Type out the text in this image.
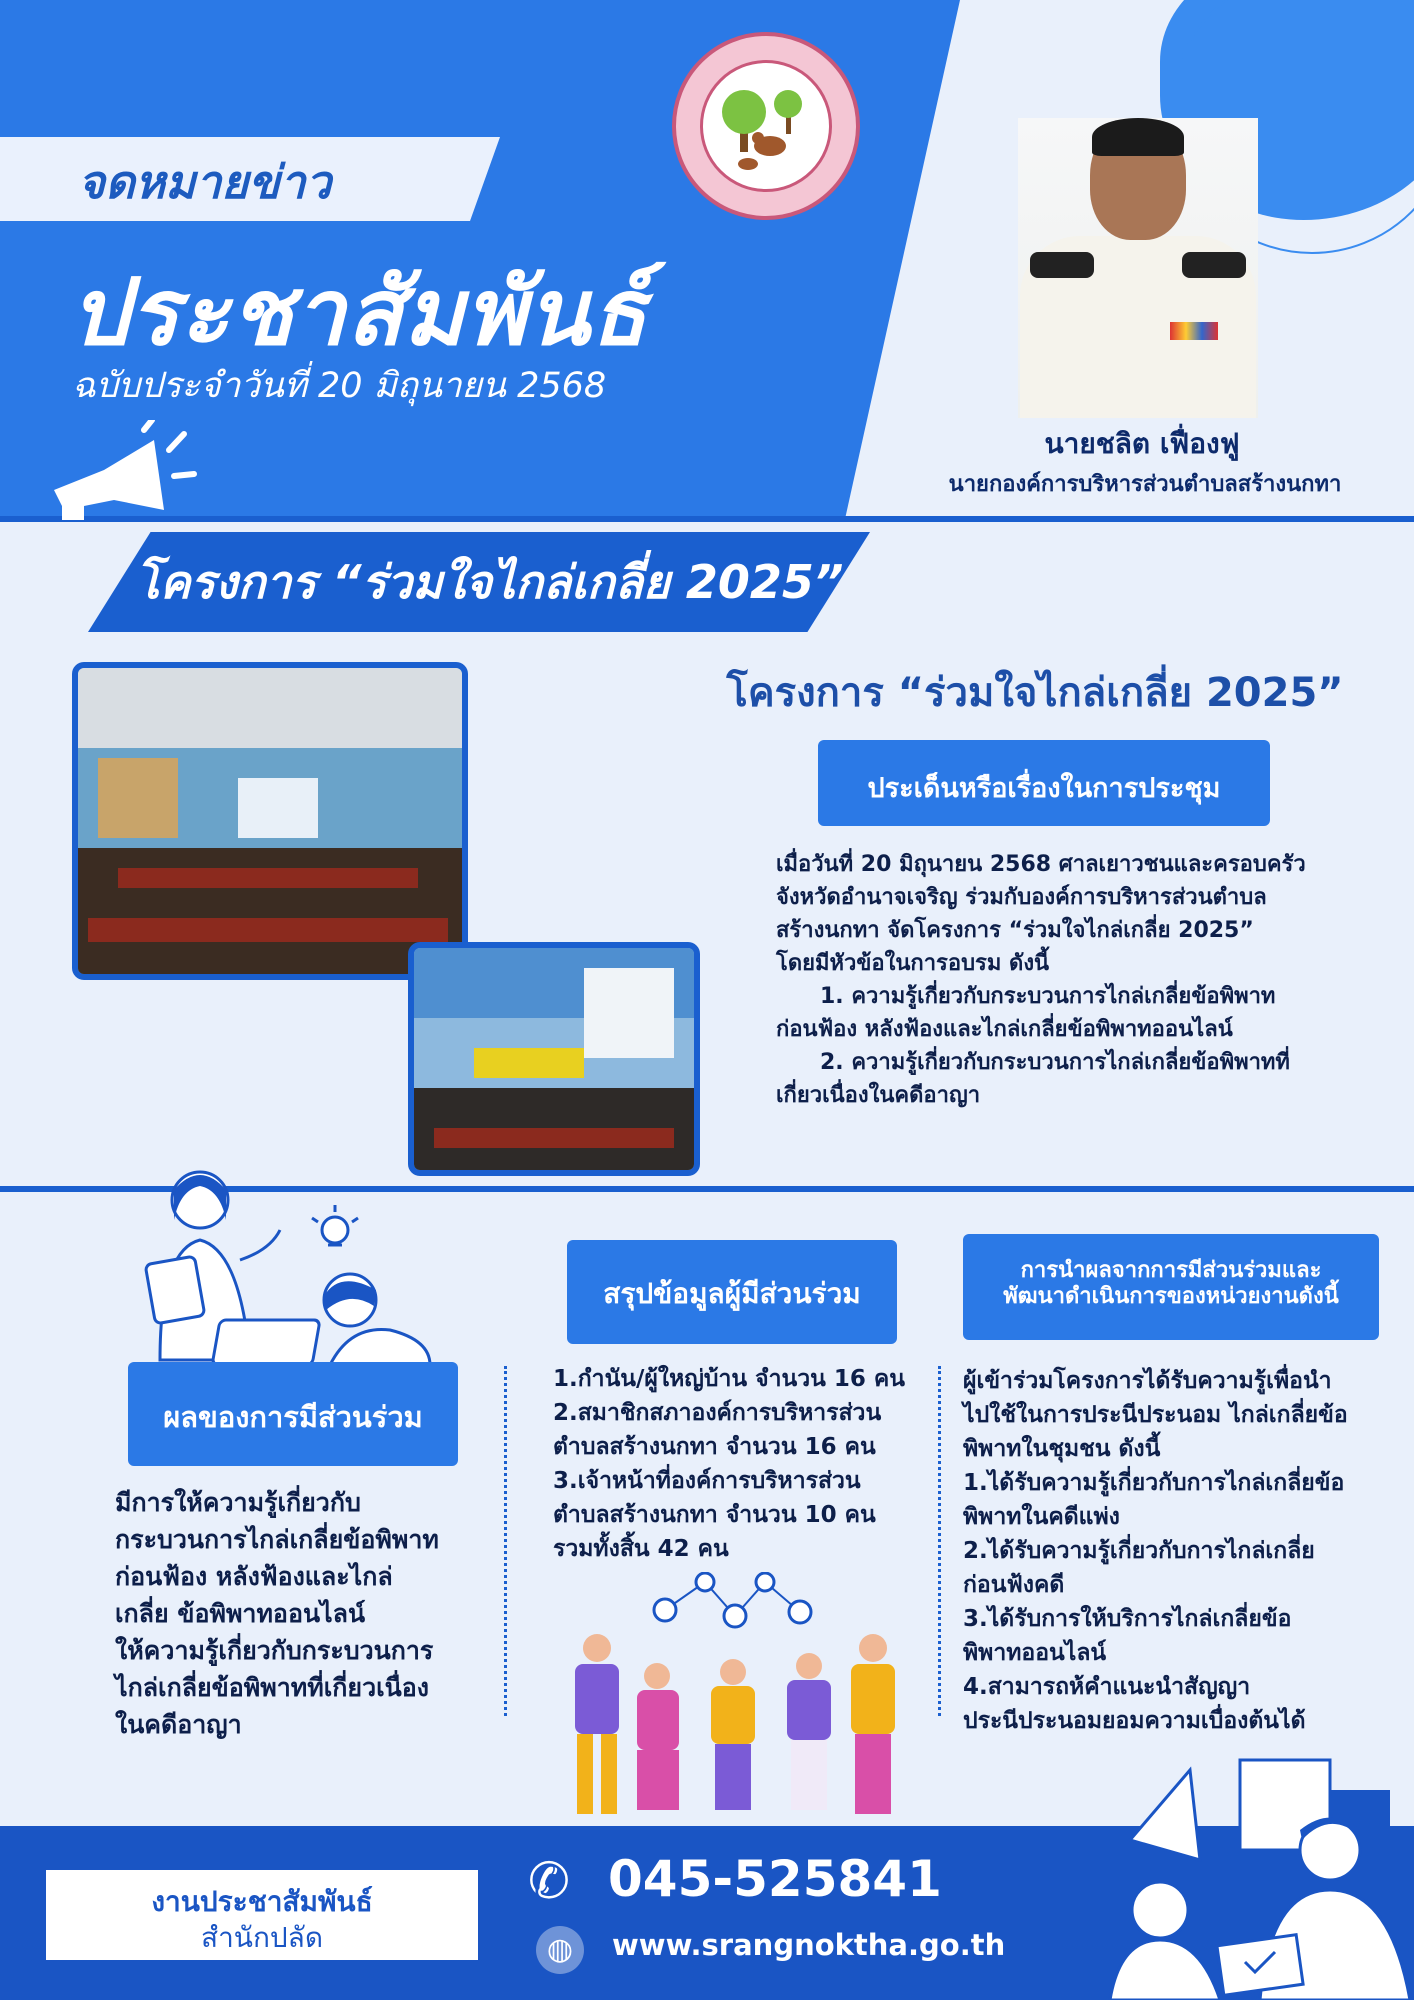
จดหมายข่าว
ประชาสัมพันธ์
ฉบับประจำวันที่ 20 มิถุนายน 2568
นายชลิต เฟื่องฟู
นายกองค์การบริหารส่วนตำบลสร้างนกทา
โครงการ “ร่วมใจไกล่เกลี่ย 2025”
โครงการ “ร่วมใจไกล่เกลี่ย 2025”
ประเด็นหรือเรื่องในการประชุม
เมื่อวันที่ 20 มิถุนายน 2568 ศาลเยาวชนและครอบครัว
จังหวัดอำนาจเจริญ ร่วมกับองค์การบริหารส่วนตำบล
สร้างนกทา จัดโครงการ “ร่วมใจไกล่เกลี่ย 2025”
โดยมีหัวข้อในการอบรม ดังนี้
1. ความรู้เกี่ยวกับกระบวนการไกล่เกลี่ยข้อพิพาท
ก่อนฟ้อง หลังฟ้องและไกล่เกลี่ยข้อพิพาทออนไลน์
2. ความรู้เกี่ยวกับกระบวนการไกล่เกลี่ยข้อพิพาทที่
เกี่ยวเนื่องในคดีอาญา
ผลของการมีส่วนร่วม
มีการให้ความรู้เกี่ยวกับ
กระบวนการไกล่เกลี่ยข้อพิพาท
ก่อนฟ้อง หลังฟ้องและไกล่
เกลี่ย ข้อพิพาทออนไลน์
ให้ความรู้เกี่ยวกับกระบวนการ
ไกล่เกลี่ยข้อพิพาทที่เกี่ยวเนื่อง
ในคดีอาญา
สรุปข้อมูลผู้มีส่วนร่วม
1.กำนัน/ผู้ใหญ่บ้าน จำนวน 16 คน
2.สมาชิกสภาองค์การบริหารส่วน
ตำบลสร้างนกทา จำนวน 16 คน
3.เจ้าหน้าที่องค์การบริหารส่วน
ตำบลสร้างนกทา จำนวน 10 คน
รวมทั้งสิ้น 42 คน
การนำผลจากการมีส่วนร่วมและ
พัฒนาดำเนินการของหน่วยงานดังนี้
ผู้เข้าร่วมโครงการได้รับความรู้เพื่อนำ
ไปใช้ในการประนีประนอม ไกล่เกลี่ยข้อ
พิพาทในชุมชน ดังนี้
1.ได้รับความรู้เกี่ยวกับการไกล่เกลี่ยข้อ
พิพาทในคดีแพ่ง
2.ได้รับความรู้เกี่ยวกับการไกล่เกลี่ย
ก่อนฟ้งคดี
3.ได้รับการให้บริการไกล่เกลี่ยข้อ
พิพาทออนไลน์
4.สามารถห้คำแนะนำสัญญา
ประนีประนอมยอมความเบื่องต้นได้
งานประชาสัมพันธ์
สำนักปลัด
✆ 045-525841
◍	www.srangnoktha.go.th
